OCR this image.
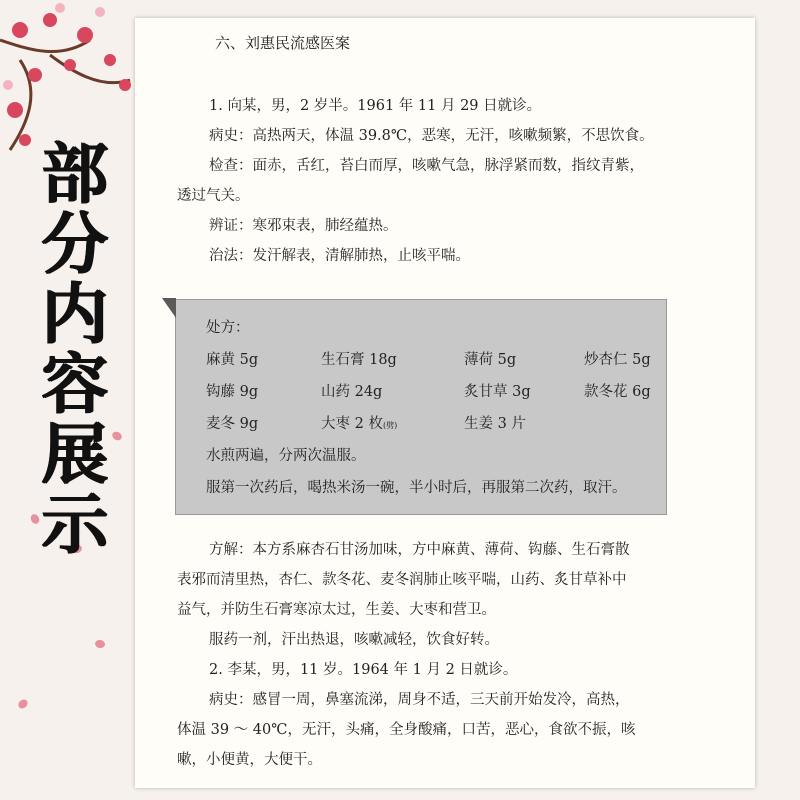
部
分
内
容
展
示
六、刘惠民流感医案
1. 向某，男，2 岁半。1961 年 11 月 29 日就诊。
病史：高热两天，体温 39.8℃，恶寒，无汗，咳嗽频繁，不思饮食。
检查：面赤，舌红，苔白而厚，咳嗽气急，脉浮紧而数，指纹青紫，
透过气关。
辨证：寒邪束表，肺经蕴热。
治法：发汗解表，清解肺热，止咳平喘。
处方：
麻黄 5g	生石膏 18g	薄荷 5g	炒杏仁 5g
钩藤 9g	山药 24g	炙甘草 3g	款冬花 6g
麦冬 9g	大枣 2 枚(劈)	生姜 3 片
水煎两遍，分两次温服。
服第一次药后，喝热米汤一碗，半小时后，再服第二次药，取汗。
方解：本方系麻杏石甘汤加味，方中麻黄、薄荷、钩藤、生石膏散
表邪而清里热，杏仁、款冬花、麦冬润肺止咳平喘，山药、炙甘草补中
益气，并防生石膏寒凉太过，生姜、大枣和营卫。
服药一剂，汗出热退，咳嗽减轻，饮食好转。
2. 李某，男，11 岁。1964 年 1 月 2 日就诊。
病史：感冒一周，鼻塞流涕，周身不适，三天前开始发冷，高热，
体温 39 ～ 40℃，无汗，头痛，全身酸痛，口苦，恶心，食欲不振，咳
嗽，小便黄，大便干。
